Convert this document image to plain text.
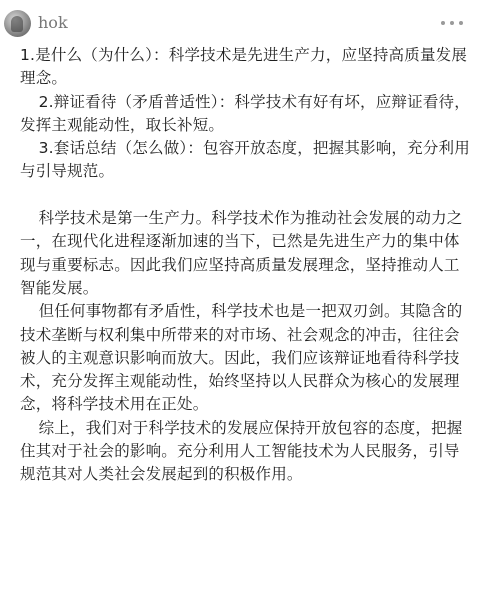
hok

1.是什么（为什么）：科学技术是先进生产力，应坚持高质量发展理念。

2.辩证看待（矛盾普适性）：科学技术有好有坏，应辩证看待，发挥主观能动性，取长补短。

3.套话总结（怎么做）：包容开放态度，把握其影响，充分利用与引导规范。

科学技术是第一生产力。科学技术作为推动社会发展的动力之一，在现代化进程逐渐加速的当下，已然是先进生产力的集中体现与重要标志。因此我们应坚持高质量发展理念，坚持推动人工智能发展。

但任何事物都有矛盾性，科学技术也是一把双刃剑。其隐含的技术垄断与权利集中所带来的对市场、社会观念的冲击，往往会被人的主观意识影响而放大。因此，我们应该辩证地看待科学技术，充分发挥主观能动性，始终坚持以人民群众为核心的发展理念，将科学技术用在正处。

综上，我们对于科学技术的发展应保持开放包容的态度，把握住其对于社会的影响。充分利用人工智能技术为人民服务，引导规范其对人类社会发展起到的积极作用。
